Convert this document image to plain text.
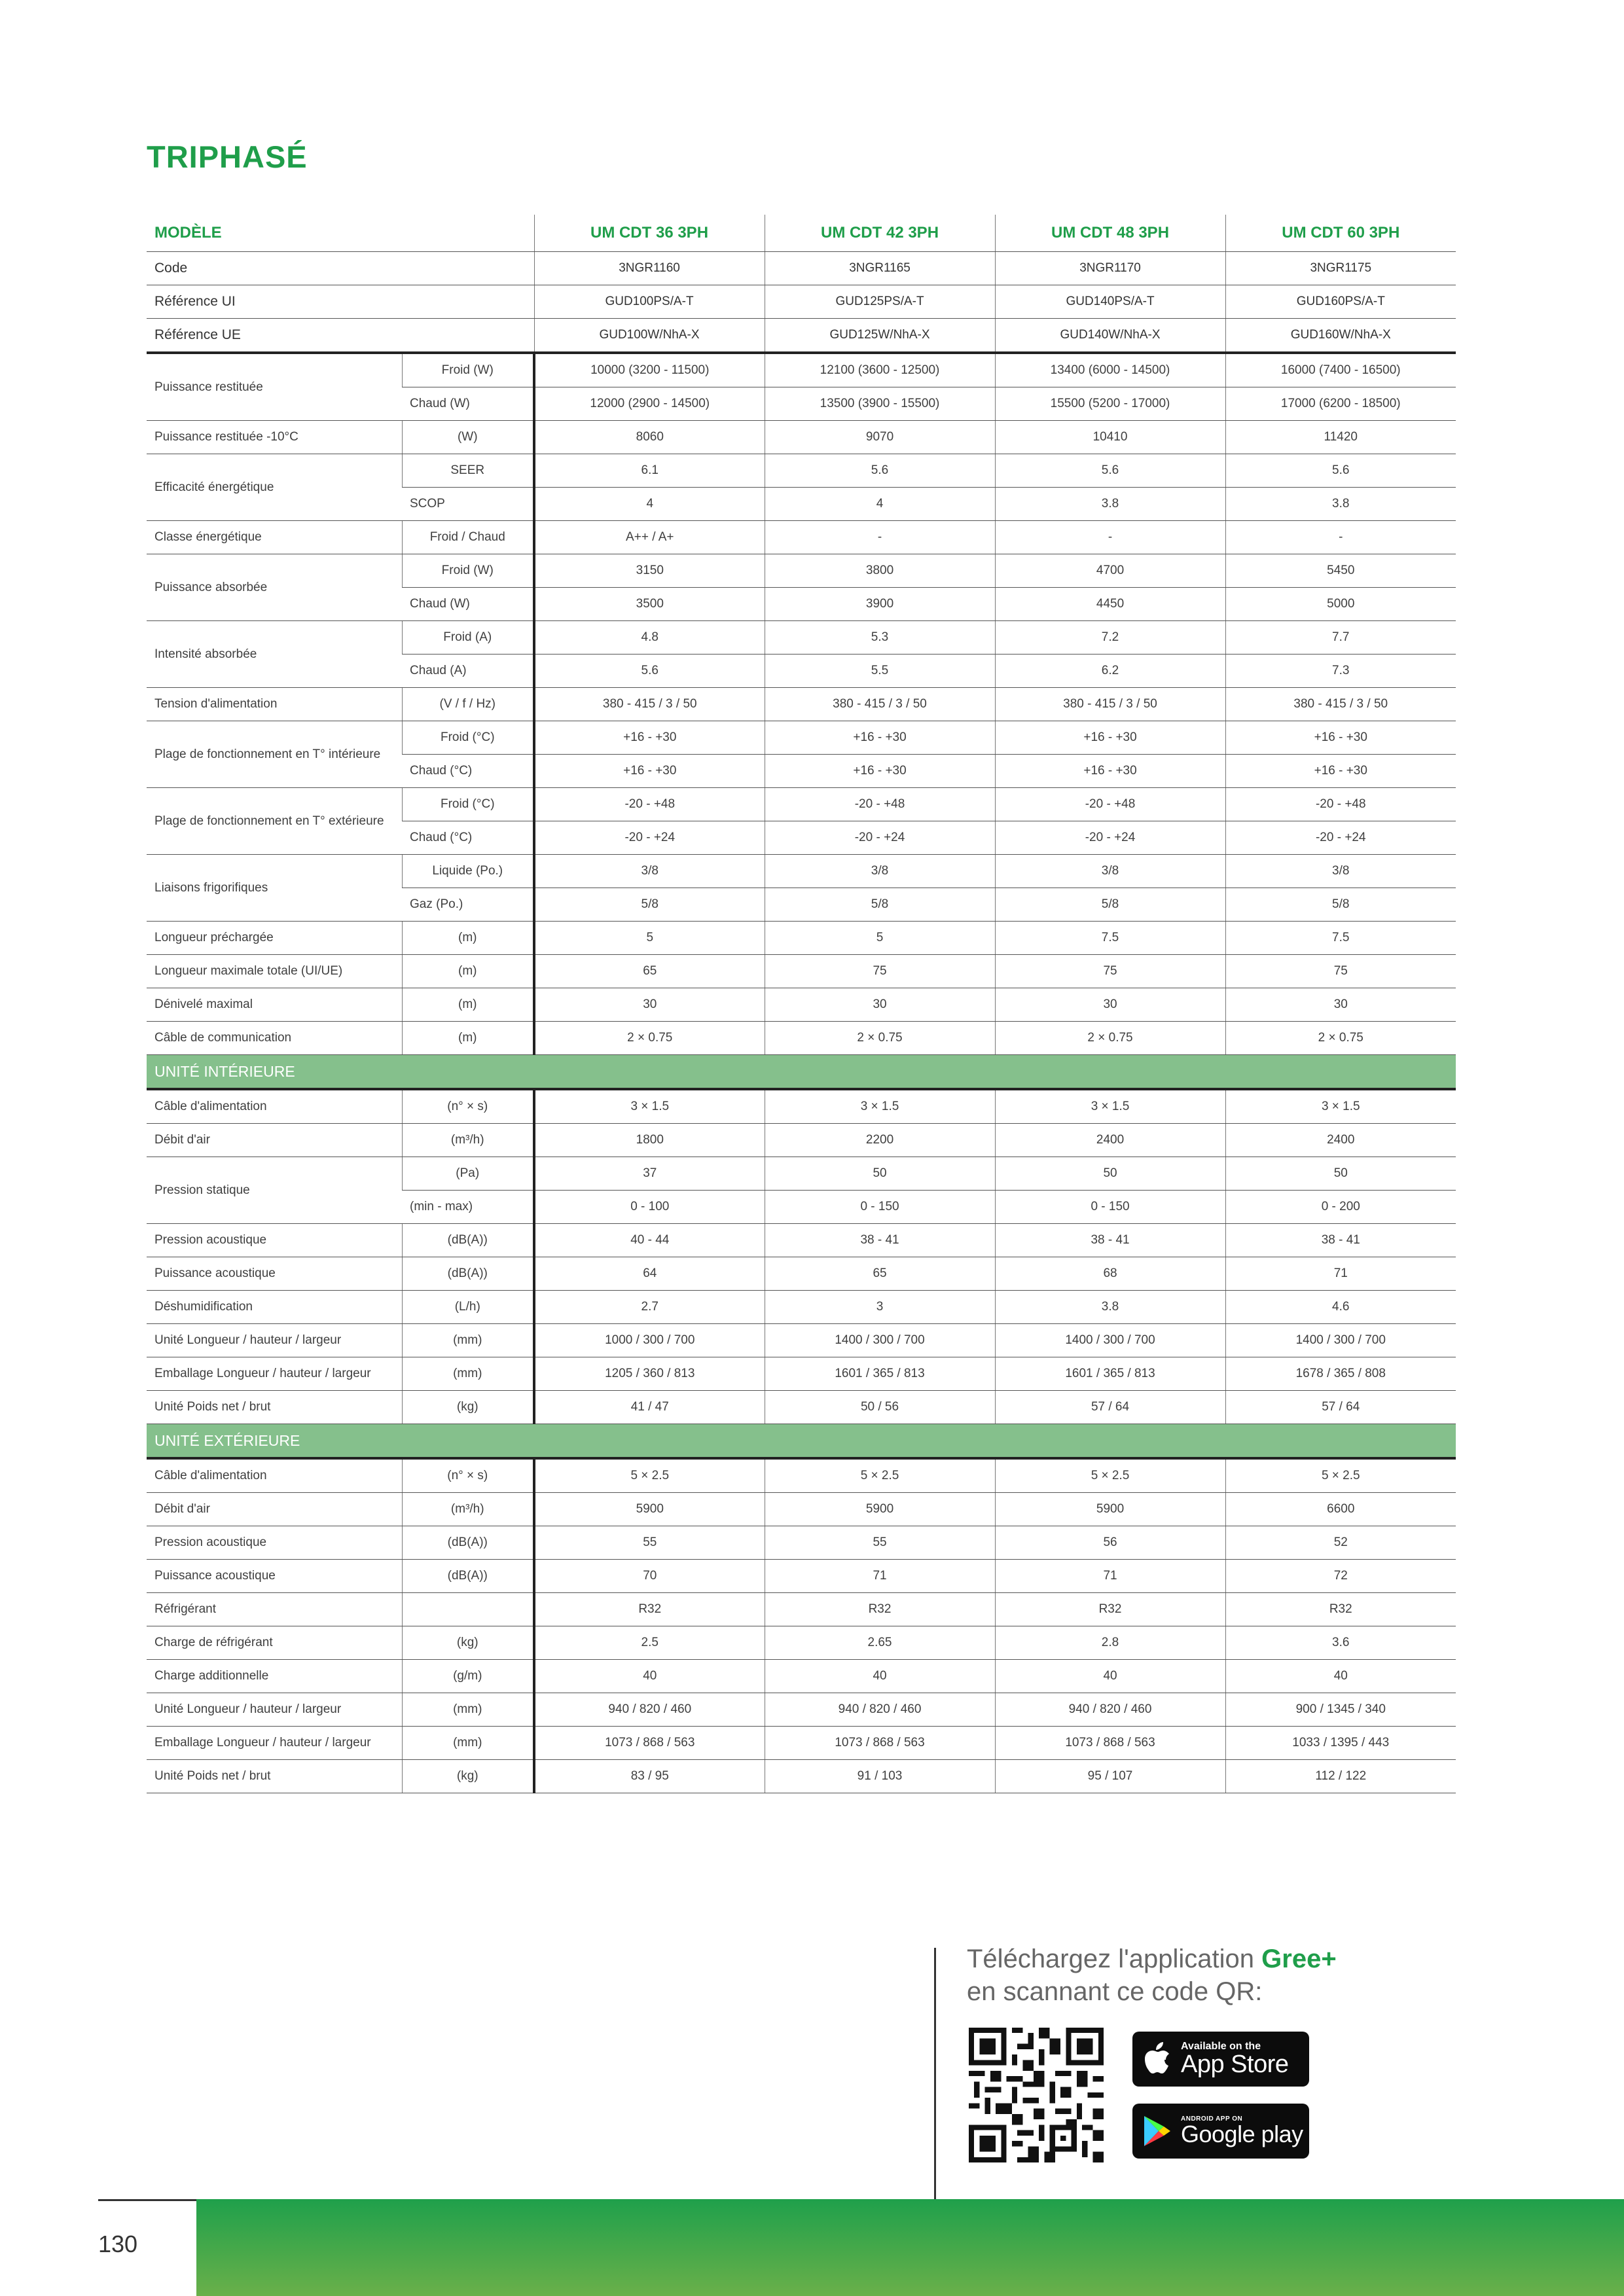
TRIPHASÉ
MODÈLE		UM CDT 36 3PH	UM CDT 42 3PH	UM CDT 48 3PH	UM CDT 60 3PH
Code		3NGR1160	3NGR1165	3NGR1170	3NGR1175
Référence UI		GUD100PS/A-T	GUD125PS/A-T	GUD140PS/A-T	GUD160PS/A-T
Référence UE		GUD100W/NhA-X	GUD125W/NhA-X	GUD140W/NhA-X	GUD160W/NhA-X
Puissance restituée	Froid (W)	10000 (3200 - 11500)	12100 (3600 - 12500)	13400 (6000 - 14500)	16000 (7400 - 16500)
	Chaud (W)	12000 (2900 - 14500)	13500 (3900 - 15500)	15500 (5200 - 17000)	17000 (6200 - 18500)
Puissance restituée -10°C	(W)	8060	9070	10410	11420
Efficacité énergétique	SEER	6.1	5.6	5.6	5.6
	SCOP	4	4	3.8	3.8
Classe énergétique	Froid / Chaud	A++ / A+	-	-	-
Puissance absorbée	Froid (W)	3150	3800	4700	5450
	Chaud (W)	3500	3900	4450	5000
Intensité absorbée	Froid (A)	4.8	5.3	7.2	7.7
	Chaud (A)	5.6	5.5	6.2	7.3
Tension d'alimentation	(V / f / Hz)	380 - 415 / 3 / 50	380 - 415 / 3 / 50	380 - 415 / 3 / 50	380 - 415 / 3 / 50
Plage de fonctionnement en T° intérieure	Froid (°C)	+16 - +30	+16 - +30	+16 - +30	+16 - +30
	Chaud (°C)	+16 - +30	+16 - +30	+16 - +30	+16 - +30
Plage de fonctionnement en T° extérieure	Froid (°C)	-20 - +48	-20 - +48	-20 - +48	-20 - +48
	Chaud (°C)	-20 - +24	-20 - +24	-20 - +24	-20 - +24
Liaisons frigorifiques	Liquide (Po.)	3/8	3/8	3/8	3/8
	Gaz (Po.)	5/8	5/8	5/8	5/8
Longueur préchargée	(m)	5	5	7.5	7.5
Longueur maximale totale (UI/UE)	(m)	65	75	75	75
Dénivelé maximal	(m)	30	30	30	30
Câble de communication	(m)	2 × 0.75	2 × 0.75	2 × 0.75	2 × 0.75
UNITÉ INTÉRIEURE					
Câble d'alimentation	(n° × s)	3 × 1.5	3 × 1.5	3 × 1.5	3 × 1.5
Débit d'air	(m³/h)	1800	2200	2400	2400
Pression statique	(Pa)	37	50	50	50
	(min - max)	0 - 100	0 - 150	0 - 150	0 - 200
Pression acoustique	(dB(A))	40 - 44	38 - 41	38 - 41	38 - 41
Puissance acoustique	(dB(A))	64	65	68	71
Déshumidification	(L/h)	2.7	3	3.8	4.6
Unité Longueur / hauteur / largeur	(mm)	1000 / 300 / 700	1400 / 300 / 700	1400 / 300 / 700	1400 / 300 / 700
Emballage Longueur / hauteur / largeur	(mm)	1205 / 360 / 813	1601 / 365 / 813	1601 / 365 / 813	1678 / 365 / 808
Unité Poids net / brut	(kg)	41 / 47	50 / 56	57 / 64	57 / 64
UNITÉ EXTÉRIEURE					
Câble d'alimentation	(n° × s)	5 × 2.5	5 × 2.5	5 × 2.5	5 × 2.5
Débit d'air	(m³/h)	5900	5900	5900	6600
Pression acoustique	(dB(A))	55	55	56	52
Puissance acoustique	(dB(A))	70	71	71	72
Réfrigérant		R32	R32	R32	R32
Charge de réfrigérant	(kg)	2.5	2.65	2.8	3.6
Charge additionnelle	(g/m)	40	40	40	40
Unité Longueur / hauteur / largeur	(mm)	940 / 820 / 460	940 / 820 / 460	940 / 820 / 460	900 / 1345 / 340
Emballage Longueur / hauteur / largeur	(mm)	1073 / 868 / 563	1073 / 868 / 563	1073 / 868 / 563	1033 / 1395 / 443
Unité Poids net / brut	(kg)	83 / 95	91 / 103	95 / 107	112 / 122
Téléchargez l'application Gree+
en scannant ce code QR:
Available on the
App Store
ANDROID APP ON
Google play
130
